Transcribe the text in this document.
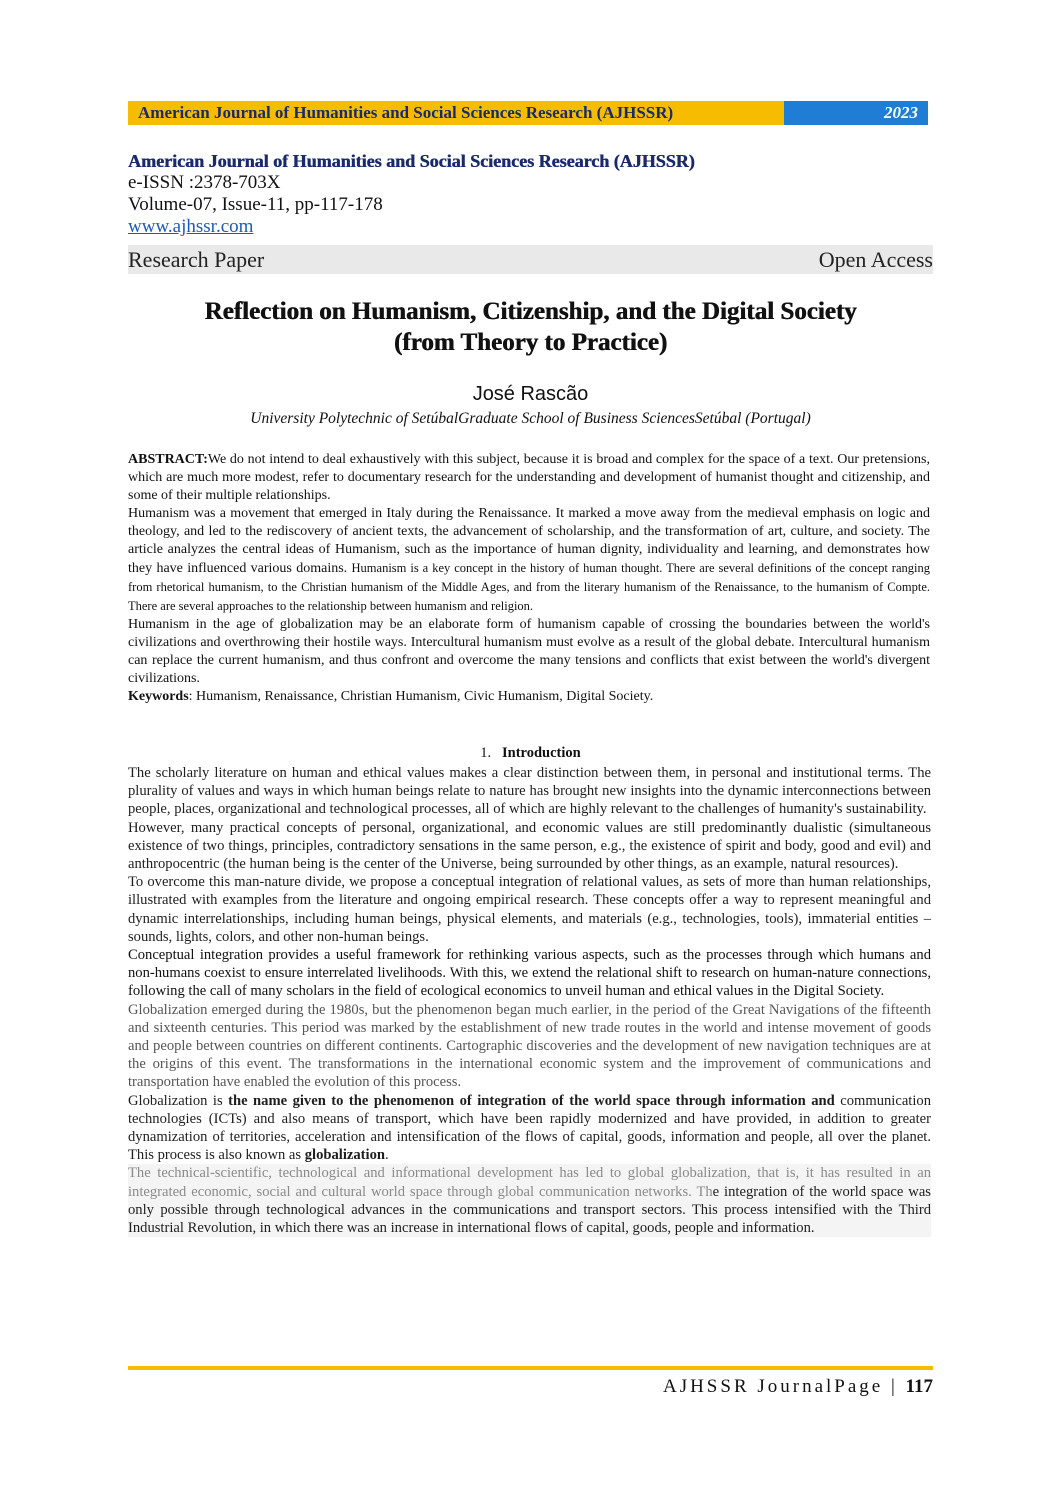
American Journal of Humanities and Social Sciences Research (AJHSSR)	2023
American Journal of Humanities and Social Sciences Research (AJHSSR)
e-ISSN :2378-703X
Volume-07, Issue-11, pp-117-178
www.ajhssr.com
Research Paper	Open Access
Reflection on Humanism, Citizenship, and the Digital Society
(from Theory to Practice)
José Rascão
University Polytechnic of SetúbalGraduate School of Business SciencesSetúbal (Portugal)

ABSTRACT:We do not intend to deal exhaustively with this subject, because it is broad and complex for the space of a text. Our pretensions, which are much more modest, refer to documentary research for the understanding and development of humanist thought and citizenship, and some of their multiple relationships.

Humanism was a movement that emerged in Italy during the Renaissance. It marked a move away from the medieval emphasis on logic and theology, and led to the rediscovery of ancient texts, the advancement of scholarship, and the transformation of art, culture, and society. The article analyzes the central ideas of Humanism, such as the importance of human dignity, individuality and learning, and demonstrates how they have influenced various domains. Humanism is a key concept in the history of human thought. There are several definitions of the concept ranging from rhetorical humanism, to the Christian humanism of the Middle Ages, and from the literary humanism of the Renaissance, to the humanism of Compte. There are several approaches to the relationship between humanism and religion.

Humanism in the age of globalization may be an elaborate form of humanism capable of crossing the boundaries between the world's civilizations and overthrowing their hostile ways. Intercultural humanism must evolve as a result of the global debate. Intercultural humanism can replace the current humanism, and thus confront and overcome the many tensions and conflicts that exist between the world's divergent civilizations.

Keywords: Humanism, Renaissance, Christian Humanism, Civic Humanism, Digital Society.

1. Introduction

The scholarly literature on human and ethical values makes a clear distinction between them, in personal and institutional terms. The plurality of values and ways in which human beings relate to nature has brought new insights into the dynamic interconnections between people, places, organizational and technological processes, all of which are highly relevant to the challenges of humanity's sustainability.

However, many practical concepts of personal, organizational, and economic values are still predominantly dualistic (simultaneous existence of two things, principles, contradictory sensations in the same person, e.g., the existence of spirit and body, good and evil) and anthropocentric (the human being is the center of the Universe, being surrounded by other things, as an example, natural resources).

To overcome this man-nature divide, we propose a conceptual integration of relational values, as sets of more than human relationships, illustrated with examples from the literature and ongoing empirical research. These concepts offer a way to represent meaningful and dynamic interrelationships, including human beings, physical elements, and materials (e.g., technologies, tools), immaterial entities – sounds, lights, colors, and other non-human beings.

Conceptual integration provides a useful framework for rethinking various aspects, such as the processes through which humans and non-humans coexist to ensure interrelated livelihoods. With this, we extend the relational shift to research on human-nature connections, following the call of many scholars in the field of ecological economics to unveil human and ethical values in the Digital Society.

Globalization emerged during the 1980s, but the phenomenon began much earlier, in the period of the Great Navigations of the fifteenth and sixteenth centuries. This period was marked by the establishment of new trade routes in the world and intense movement of goods and people between countries on different continents. Cartographic discoveries and the development of new navigation techniques are at the origins of this event. The transformations in the international economic system and the improvement of communications and transportation have enabled the evolution of this process.

Globalization is the name given to the phenomenon of integration of the world space through information and communication technologies (ICTs) and also means of transport, which have been rapidly modernized and have provided, in addition to greater dynamization of territories, acceleration and intensification of the flows of capital, goods, information and people, all over the planet. This process is also known as globalization.

The technical-scientific, technological and informational development has led to global globalization, that is, it has resulted in an integrated economic, social and cultural world space through global communication networks. The integration of the world space was only possible through technological advances in the communications and transport sectors. This process intensified with the Third Industrial Revolution, in which there was an increase in international flows of capital, goods, people and information.

AJHSSR JournalPage | 117
